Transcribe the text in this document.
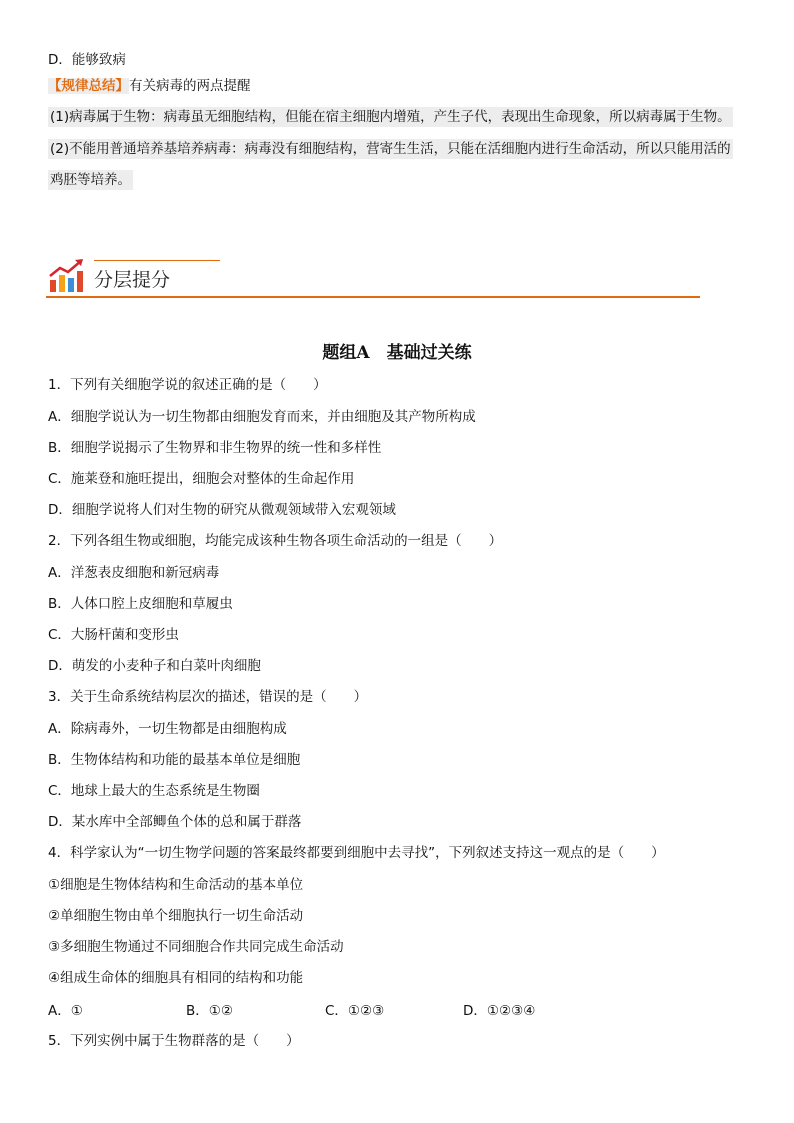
D．能够致病
【规律总结】有关病毒的两点提醒
(1)病毒属于生物：病毒虽无细胞结构，但能在宿主细胞内增殖，产生子代，表现出生命现象，所以病毒属于生物。
(2)不能用普通培养基培养病毒：病毒没有细胞结构，营寄生生活，只能在活细胞内进行生命活动，所以只能用活的
鸡胚等培养。
分层提分
题组A　基础过关练
1．下列有关细胞学说的叙述正确的是（　　）
A．细胞学说认为一切生物都由细胞发育而来，并由细胞及其产物所构成
B．细胞学说揭示了生物界和非生物界的统一性和多样性
C．施莱登和施旺提出，细胞会对整体的生命起作用
D．细胞学说将人们对生物的研究从微观领域带入宏观领域
2．下列各组生物或细胞，均能完成该种生物各项生命活动的一组是（　　）
A．洋葱表皮细胞和新冠病毒
B．人体口腔上皮细胞和草履虫
C．大肠杆菌和变形虫
D．萌发的小麦种子和白菜叶肉细胞
3．关于生命系统结构层次的描述，错误的是（　　）
A．除病毒外，一切生物都是由细胞构成
B．生物体结构和功能的最基本单位是细胞
C．地球上最大的生态系统是生物圈
D．某水库中全部鲫鱼个体的总和属于群落
4．科学家认为“一切生物学问题的答案最终都要到细胞中去寻找”，下列叙述支持这一观点的是（　　）
①细胞是生物体结构和生命活动的基本单位
②单细胞生物由单个细胞执行一切生命活动
③多细胞生物通过不同细胞合作共同完成生命活动
④组成生命体的细胞具有相同的结构和功能
A．①	B．①②	C．①②③	D．①②③④
5．下列实例中属于生物群落的是（　　）
